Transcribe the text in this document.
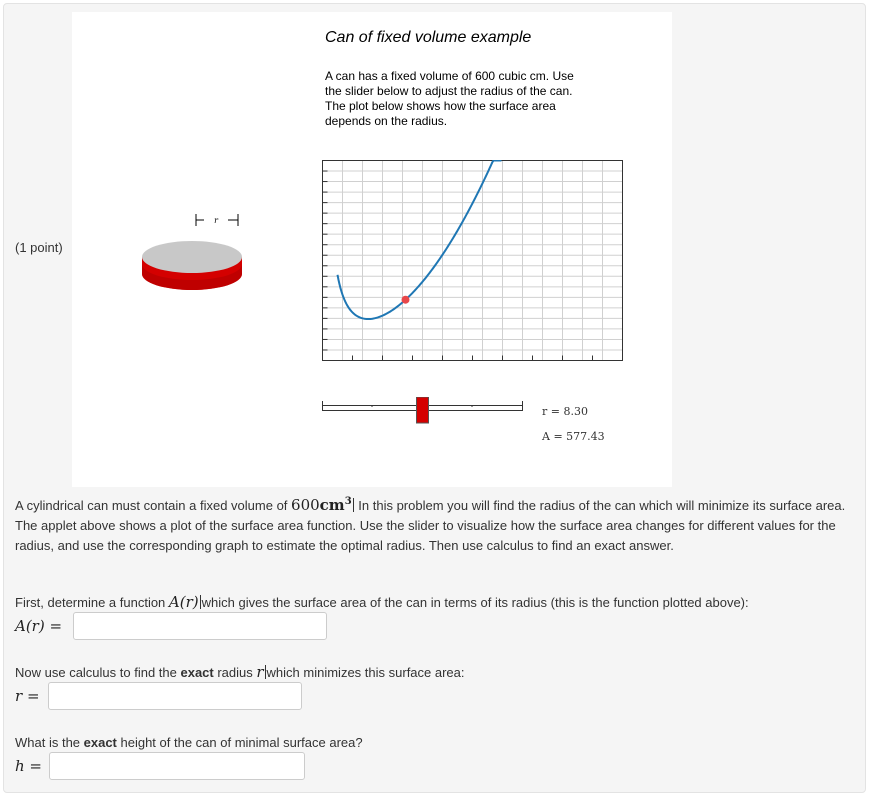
(1 point)
Can of fixed volume example
A can has a fixed volume of 600 cubic cm. Use the slider below to adjust the radius of the can. The plot below shows how the surface area depends on the radius.
r
r = 8.30
A = 577.43
A cylindrical can must contain a fixed volume of $600cm^3$ In this problem you will find the radius of the can which will minimize its surface area. The applet above shows a plot of the surface area function. Use the slider to visualize how the surface area changes for different values for the radius, and use the corresponding graph to estimate the optimal radius. Then use calculus to find an exact answer.
First, determine a function A(r) which gives the surface area of the can in terms of its radius (this is the function plotted above):
A(r) =
Now use calculus to find the exact radius r which minimizes this surface area:
r =
What is the exact height of the can of minimal surface area?
h =
